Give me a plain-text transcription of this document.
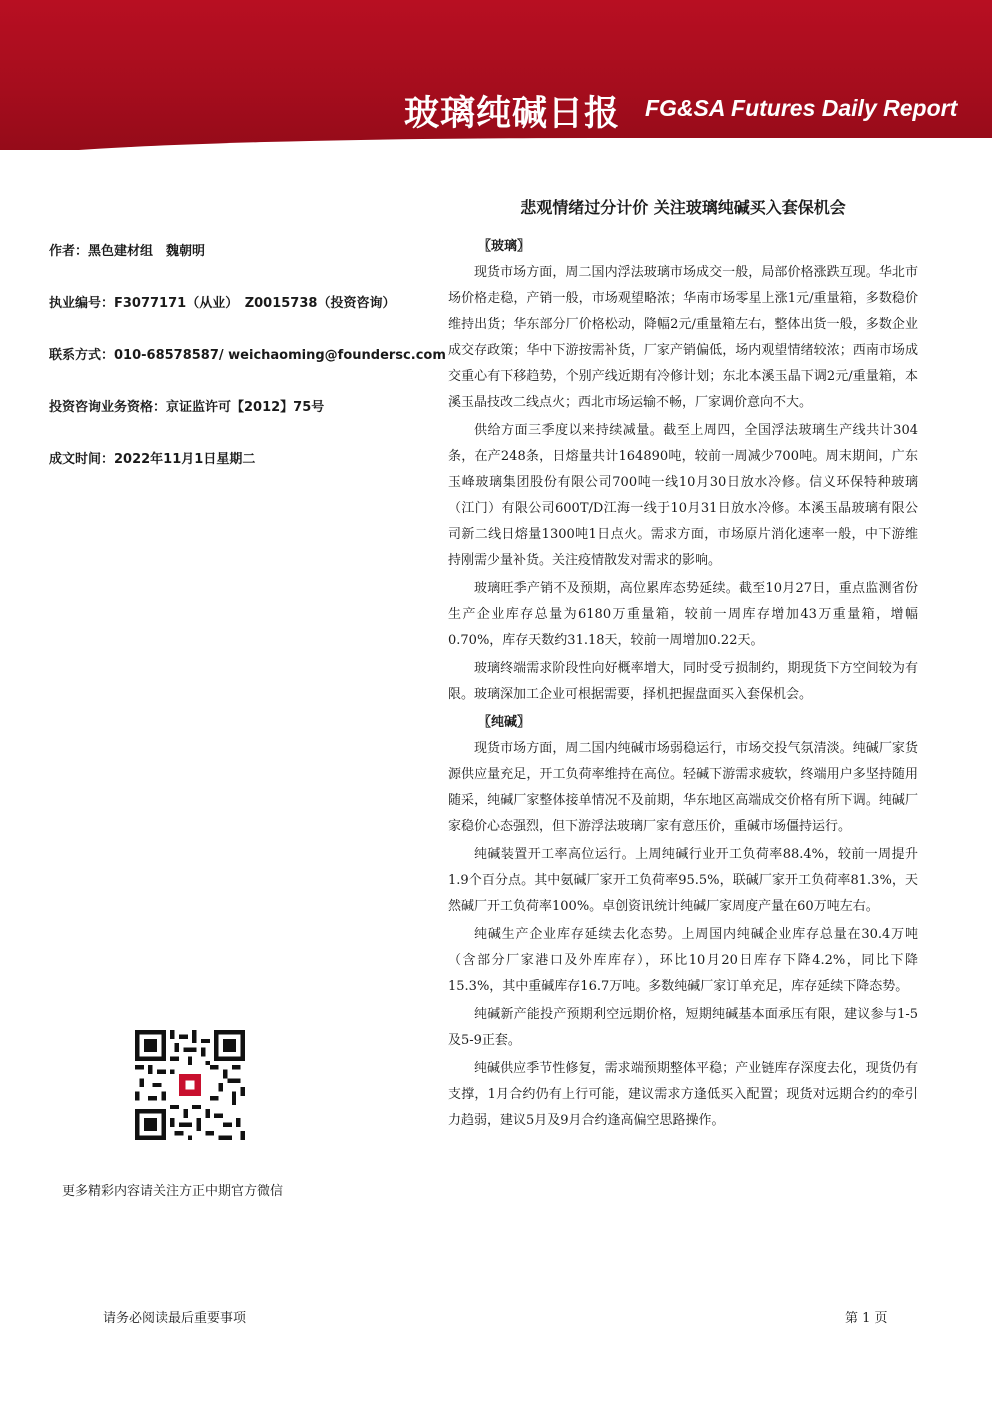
玻璃纯碱日报 FG&SA Futures Daily Report
悲观情绪过分计价 关注玻璃纯碱买入套保机会
作者：黑色建材组　魏朝明
执业编号：F3077171（从业）　Z0015738（投资咨询）
联系方式：010-68578587/ weichaoming@foundersc.com
投资咨询业务资格：京证监许可【2012】75号
成文时间：2022年11月1日星期二
〖玻璃〗

现货市场方面，周二国内浮法玻璃市场成交一般，局部价格涨跌互现。华北市场价格走稳，产销一般，市场观望略浓；华南市场零星上涨1元/重量箱，多数稳价维持出货；华东部分厂价格松动，降幅2元/重量箱左右，整体出货一般，多数企业成交存政策；华中下游按需补货，厂家产销偏低，场内观望情绪较浓；西南市场成交重心有下移趋势，个别产线近期有冷修计划；东北本溪玉晶下调2元/重量箱，本溪玉晶技改二线点火；西北市场运输不畅，厂家调价意向不大。

供给方面三季度以来持续减量。截至上周四，全国浮法玻璃生产线共计304条，在产248条，日熔量共计164890吨，较前一周减少700吨。周末期间，广东玉峰玻璃集团股份有限公司700吨一线10月30日放水冷修。信义环保特种玻璃（江门）有限公司600T/D江海一线于10月31日放水冷修。本溪玉晶玻璃有限公司新二线日熔量1300吨1日点火。需求方面，市场原片消化速率一般，中下游维持刚需少量补货。关注疫情散发对需求的影响。

玻璃旺季产销不及预期，高位累库态势延续。截至10月27日，重点监测省份生产企业库存总量为6180万重量箱，较前一周库存增加43万重量箱，增幅0.70%，库存天数约31.18天，较前一周增加0.22天。

玻璃终端需求阶段性向好概率增大，同时受亏损制约，期现货下方空间较为有限。玻璃深加工企业可根据需要，择机把握盘面买入套保机会。

〖纯碱〗

现货市场方面，周二国内纯碱市场弱稳运行，市场交投气氛清淡。纯碱厂家货源供应量充足，开工负荷率维持在高位。轻碱下游需求疲软，终端用户多坚持随用随采，纯碱厂家整体接单情况不及前期，华东地区高端成交价格有所下调。纯碱厂家稳价心态强烈，但下游浮法玻璃厂家有意压价，重碱市场僵持运行。

纯碱装置开工率高位运行。上周纯碱行业开工负荷率88.4%，较前一周提升1.9个百分点。其中氨碱厂家开工负荷率95.5%，联碱厂家开工负荷率81.3%，天然碱厂开工负荷率100%。卓创资讯统计纯碱厂家周度产量在60万吨左右。

纯碱生产企业库存延续去化态势。上周国内纯碱企业库存总量在30.4万吨（含部分厂家港口及外库库存），环比10月20日库存下降4.2%，同比下降15.3%，其中重碱库存16.7万吨。多数纯碱厂家订单充足，库存延续下降态势。

纯碱新产能投产预期利空远期价格，短期纯碱基本面承压有限，建议参与1-5及5-9正套。

纯碱供应季节性修复，需求端预期整体平稳；产业链库存深度去化，现货仍有支撑，1月合约仍有上行可能，建议需求方逢低买入配置；现货对远期合约的牵引力趋弱，建议5月及9月合约逢高偏空思路操作。

更多精彩内容请关注方正中期官方微信
请务必阅读最后重要事项	第 1 页
